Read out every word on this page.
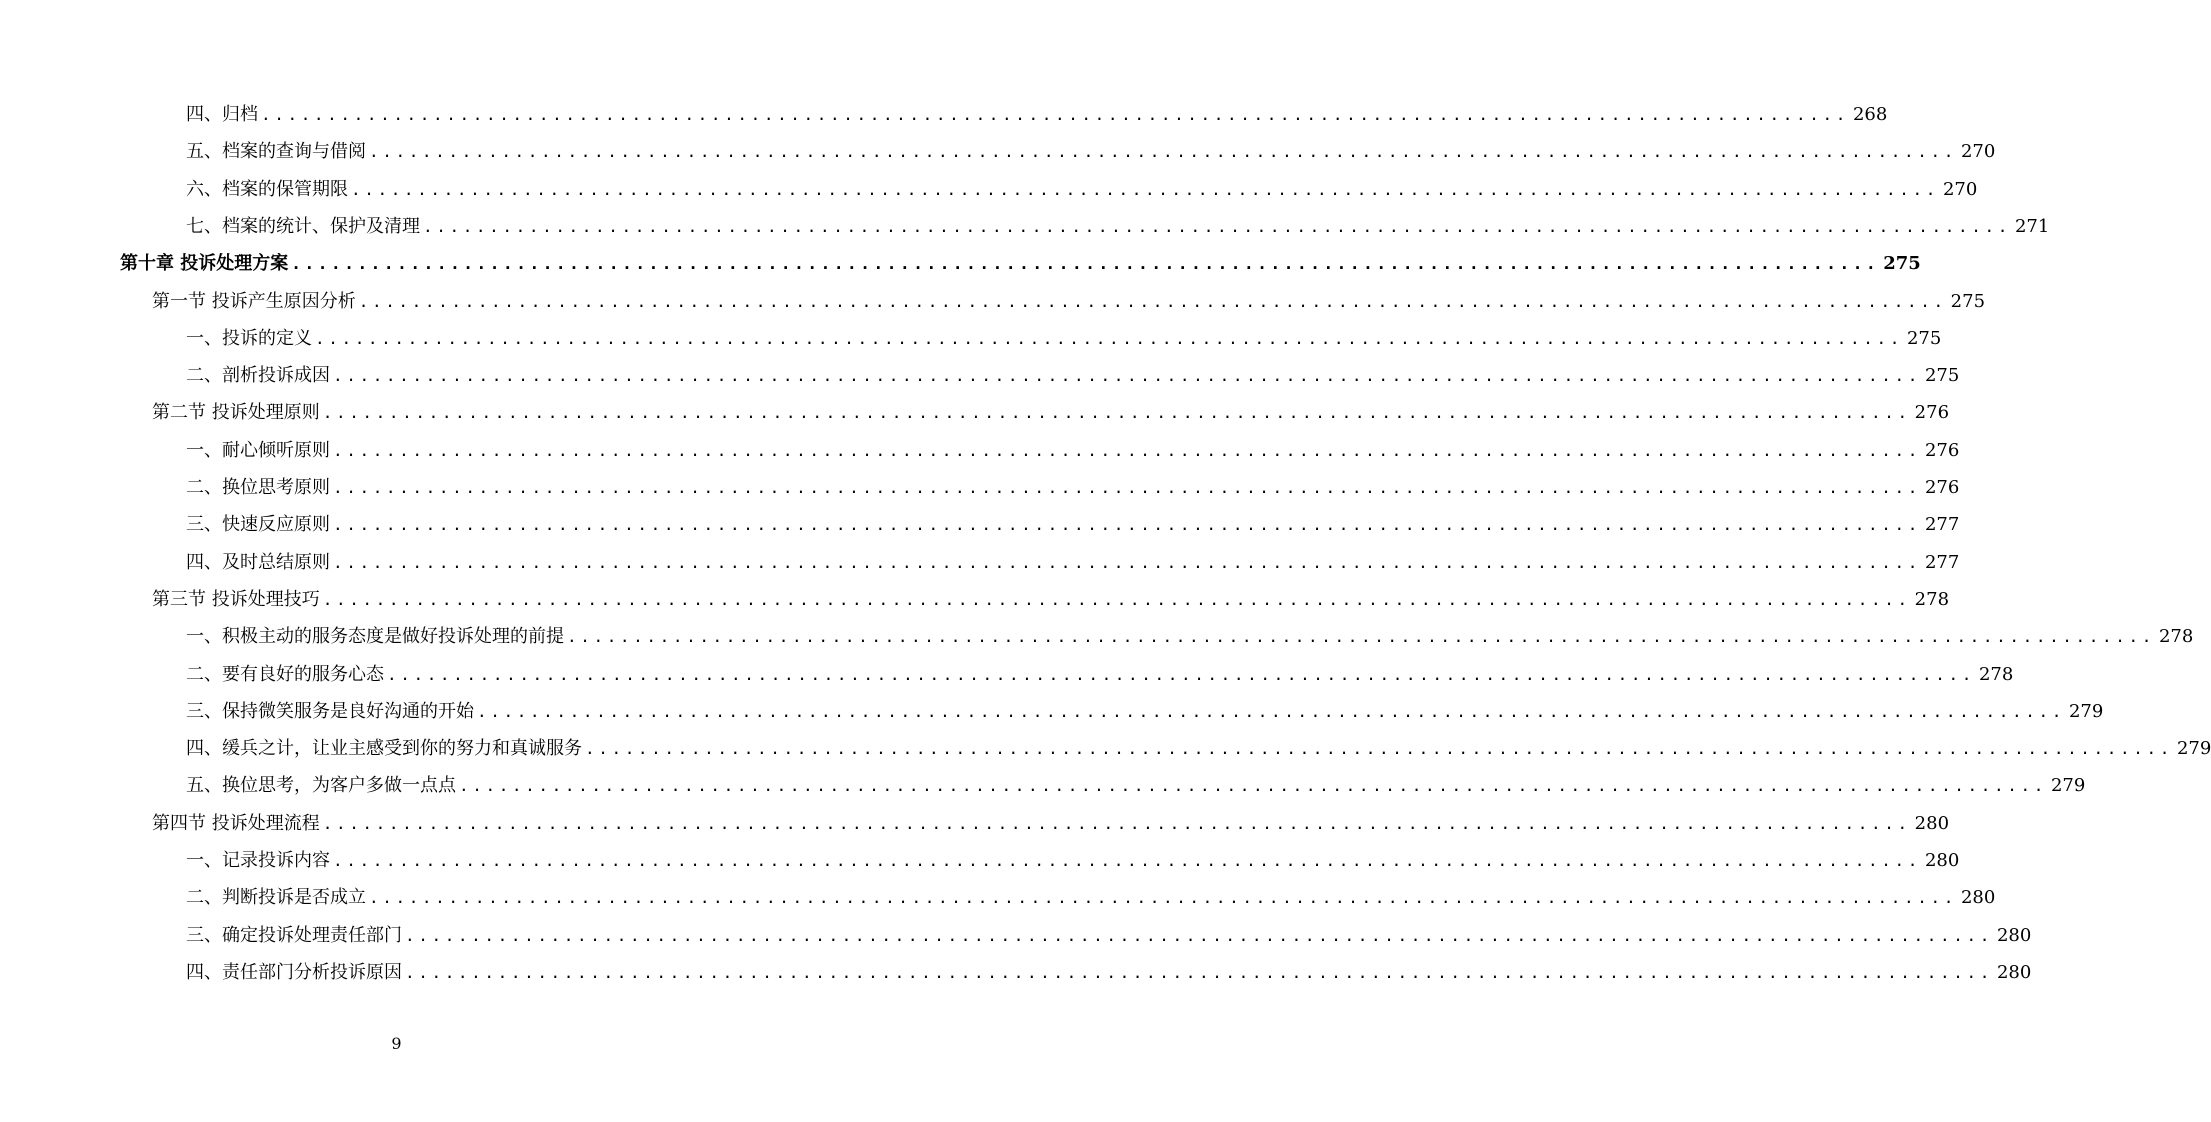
四、归档 ........................................................................................................................ 268
五、档案的查询与借阅 ........................................................................................................................ 270
六、档案的保管期限 ........................................................................................................................ 270
七、档案的统计、保护及清理 ........................................................................................................................ 271
第十章 投诉处理方案 ........................................................................................................................ 275
第一节 投诉产生原因分析 ........................................................................................................................ 275
一、投诉的定义 ........................................................................................................................ 275
二、剖析投诉成因 ........................................................................................................................ 275
第二节 投诉处理原则 ........................................................................................................................ 276
一、耐心倾听原则 ........................................................................................................................ 276
二、换位思考原则 ........................................................................................................................ 276
三、快速反应原则 ........................................................................................................................ 277
四、及时总结原则 ........................................................................................................................ 277
第三节 投诉处理技巧 ........................................................................................................................ 278
一、积极主动的服务态度是做好投诉处理的前提 ........................................................................................................................ 278
二、要有良好的服务心态 ........................................................................................................................ 278
三、保持微笑服务是良好沟通的开始 ........................................................................................................................ 279
四、缓兵之计，让业主感受到你的努力和真诚服务 ........................................................................................................................ 279
五、换位思考，为客户多做一点点 ........................................................................................................................ 279
第四节 投诉处理流程 ........................................................................................................................ 280
一、记录投诉内容 ........................................................................................................................ 280
二、判断投诉是否成立 ........................................................................................................................ 280
三、确定投诉处理责任部门 ........................................................................................................................ 280
四、责任部门分析投诉原因 ........................................................................................................................ 280
9
